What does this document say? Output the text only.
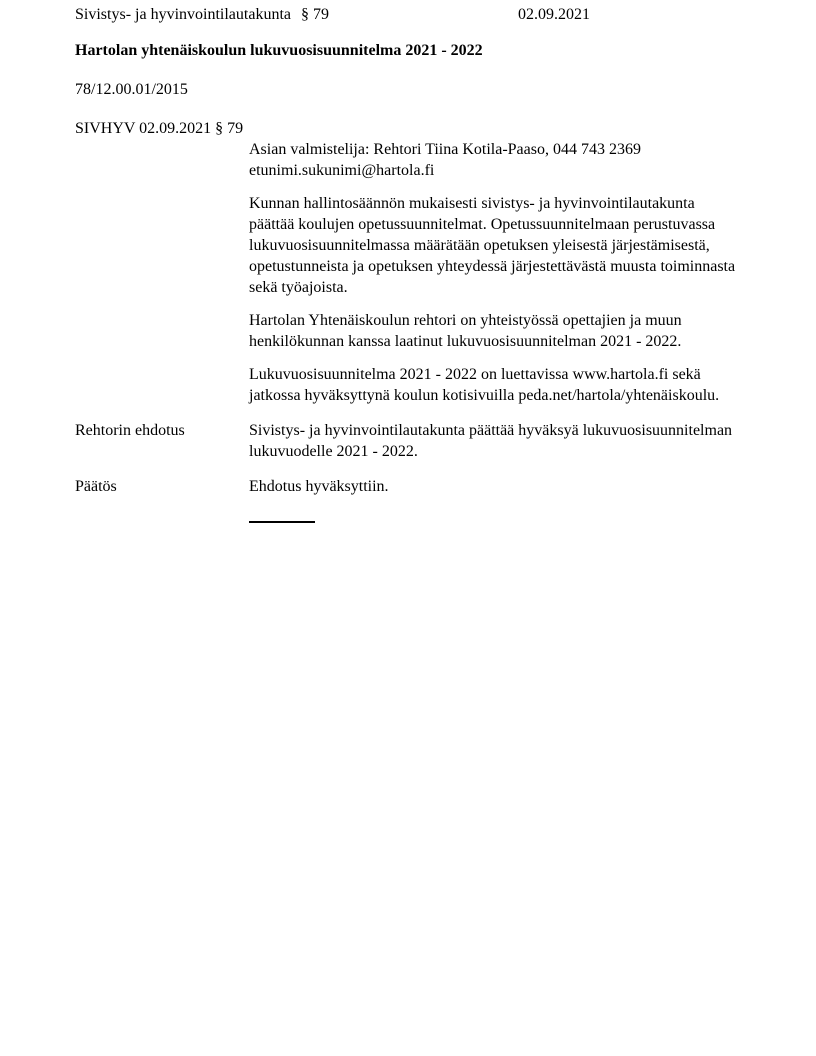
Sivistys- ja hyvinvointilautakunta § 79	02.09.2021
Hartolan yhtenäiskoulun lukuvuosisuunnitelma 2021 - 2022
78/12.00.01/2015
SIVHYV 02.09.2021 § 79
Asian valmistelija: Rehtori Tiina Kotila-Paaso, 044 743 2369
etunimi.sukunimi@hartola.fi

Kunnan hallintosäännön mukaisesti sivistys- ja hyvinvointilautakunta päättää koulujen opetussuunnitelmat. Opetussuunnitelmaan perustuvassa lukuvuosisuunnitelmassa määrätään opetuksen yleisestä järjestämisestä, opetustunneista ja opetuksen yhteydessä järjestettävästä muusta toiminnasta sekä työajoista.

Hartolan Yhtenäiskoulun rehtori on yhteistyössä opettajien ja muun henkilökunnan kanssa laatinut lukuvuosisuunnitelman 2021 - 2022.

Lukuvuosisuunnitelma 2021 - 2022 on luettavissa www.hartola.fi sekä jatkossa hyväksyttynä koulun kotisivuilla peda.net/hartola/yhtenäiskoulu.

Rehtorin ehdotus	Sivistys- ja hyvinvointilautakunta päättää hyväksyä lukuvuosisuunnitelman lukuvuodelle 2021 - 2022.
Päätös	Ehdotus hyväksyttiin.
